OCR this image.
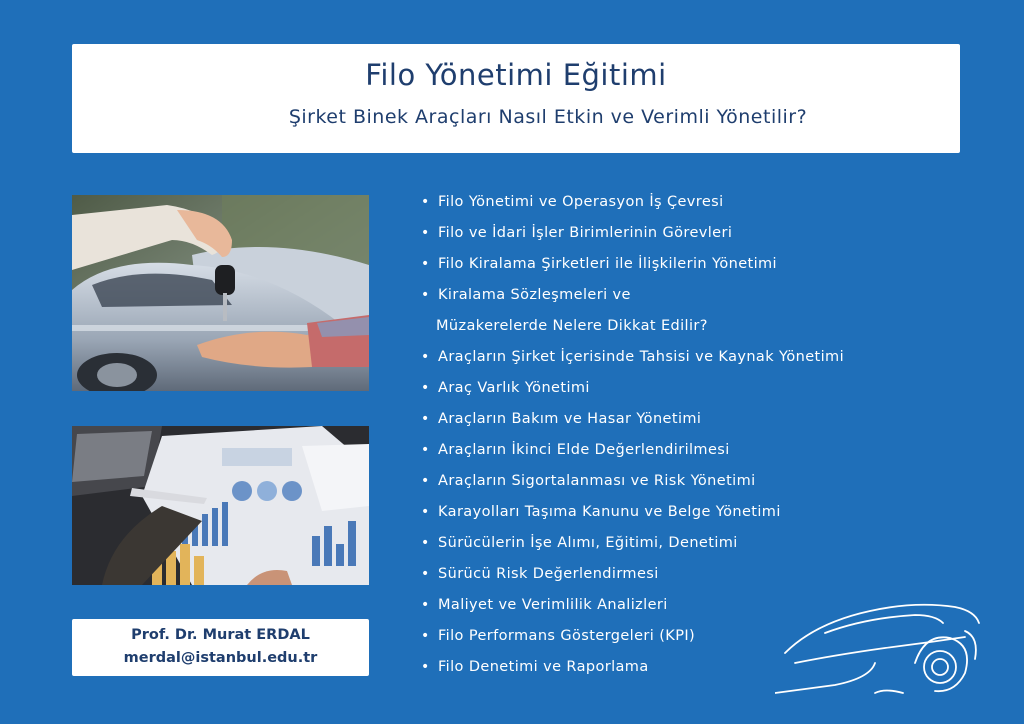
Filo Yönetimi Eğitimi
Şirket Binek Araçları Nasıl Etkin ve Verimli Yönetilir?
Prof. Dr. Murat ERDAL
merdal@istanbul.edu.tr
• Filo Yönetimi ve Operasyon İş Çevresi
• Filo ve İdari İşler Birimlerinin Görevleri
• Filo Kiralama Şirketleri ile İlişkilerin Yönetimi
• Kiralama Sözleşmeleri ve
Müzakerelerde Nelere Dikkat Edilir?
• Araçların Şirket İçerisinde Tahsisi ve Kaynak Yönetimi
• Araç Varlık Yönetimi
• Araçların Bakım ve Hasar Yönetimi
• Araçların İkinci Elde Değerlendirilmesi
• Araçların Sigortalanması ve Risk Yönetimi
• Karayolları Taşıma Kanunu ve Belge Yönetimi
• Sürücülerin İşe Alımı, Eğitimi, Denetimi
• Sürücü Risk Değerlendirmesi
• Maliyet ve Verimlilik Analizleri
• Filo Performans Göstergeleri (KPI)
• Filo Denetimi ve Raporlama
